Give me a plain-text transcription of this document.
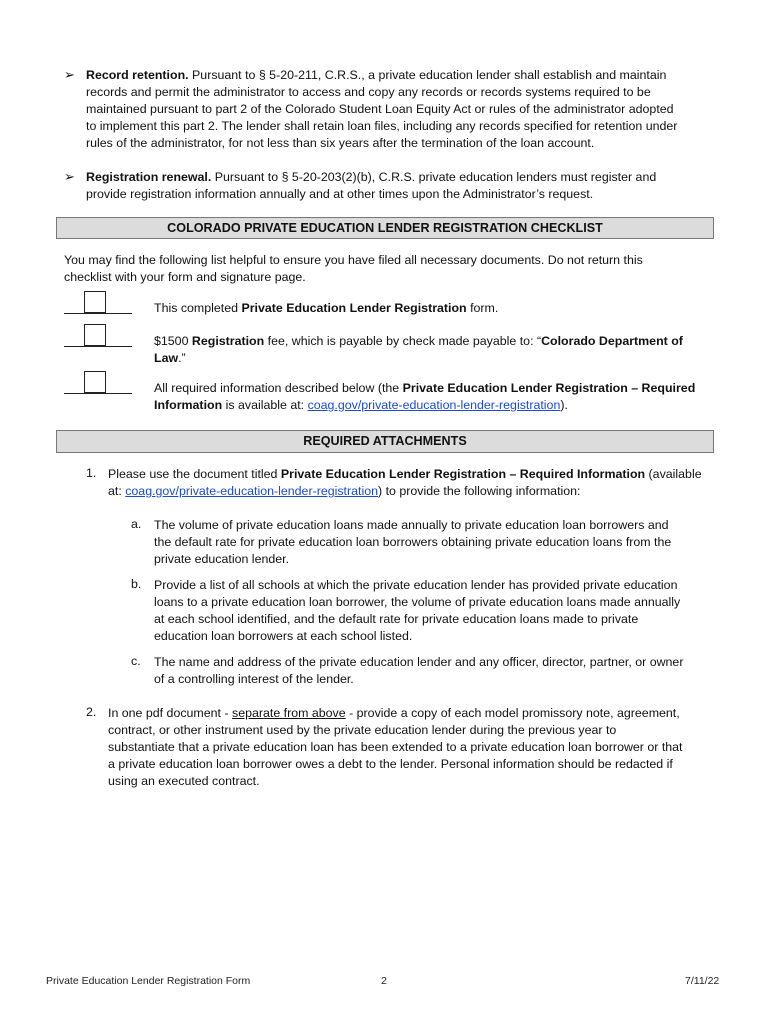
➢ Record retention. Pursuant to § 5-20-211, C.R.S., a private education lender shall establish and maintain
records and permit the administrator to access and copy any records or records systems required to be
maintained pursuant to part 2 of the Colorado Student Loan Equity Act or rules of the administrator adopted
to implement this part 2. The lender shall retain loan files, including any records specified for retention under
rules of the administrator, for not less than six years after the termination of the loan account.
➢ Registration renewal. Pursuant to § 5-20-203(2)(b), C.R.S. private education lenders must register and
provide registration information annually and at other times upon the Administrator’s request.
COLORADO PRIVATE EDUCATION LENDER REGISTRATION CHECKLIST
You may find the following list helpful to ensure you have filed all necessary documents. Do not return this
checklist with your form and signature page.
This completed Private Education Lender Registration form.
$1500 Registration fee, which is payable by check made payable to: “Colorado Department of
Law.”
All required information described below (the Private Education Lender Registration – Required
Information is available at: coag.gov/private-education-lender-registration).
REQUIRED ATTACHMENTS
1. Please use the document titled Private Education Lender Registration – Required Information (available
at: coag.gov/private-education-lender-registration) to provide the following information:
a. The volume of private education loans made annually to private education loan borrowers and
the default rate for private education loan borrowers obtaining private education loans from the
private education lender.
b. Provide a list of all schools at which the private education lender has provided private education
loans to a private education loan borrower, the volume of private education loans made annually
at each school identified, and the default rate for private education loans made to private
education loan borrowers at each school listed.
c. The name and address of the private education lender and any officer, director, partner, or owner
of a controlling interest of the lender.
2. In one pdf document - separate from above - provide a copy of each model promissory note, agreement,
contract, or other instrument used by the private education lender during the previous year to
substantiate that a private education loan has been extended to a private education loan borrower or that
a private education loan borrower owes a debt to the lender. Personal information should be redacted if
using an executed contract.
Private Education Lender Registration Form	2	7/11/22
